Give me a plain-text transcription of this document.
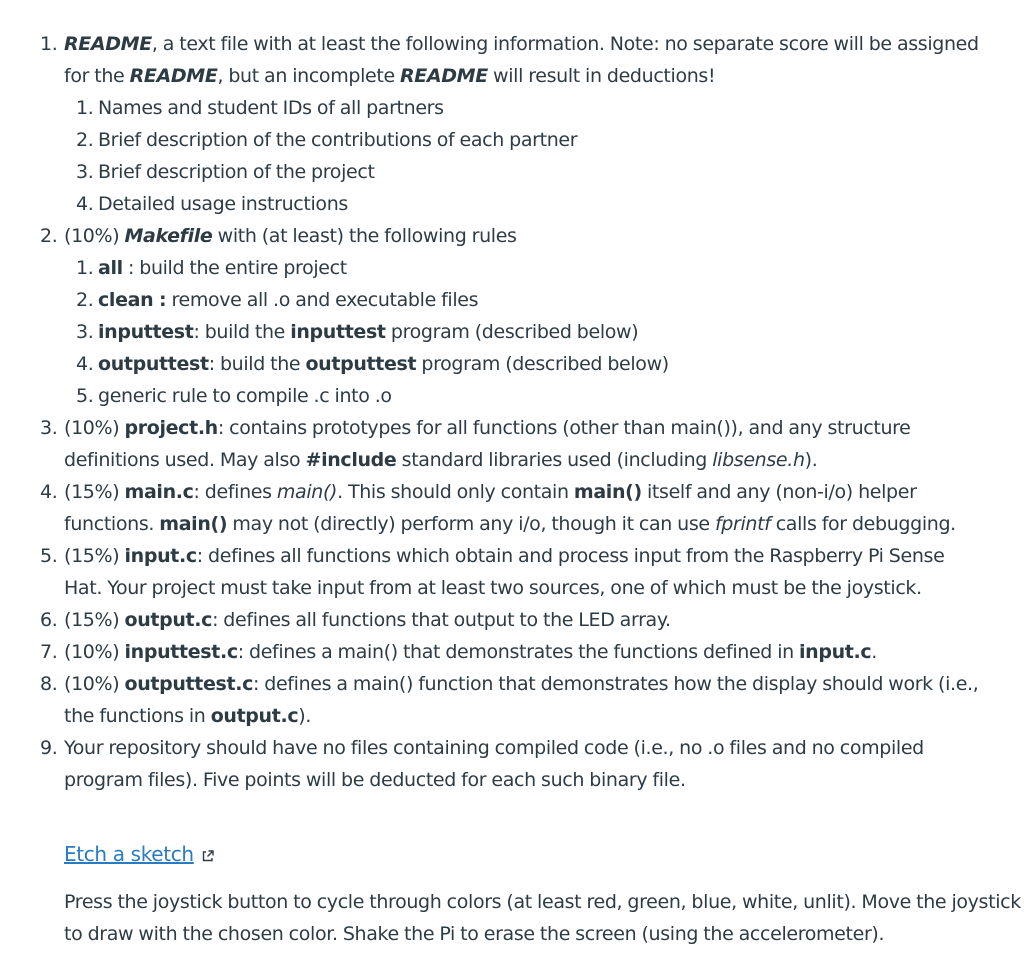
1. README, a text file with at least the following information. Note: no separate score will be assigned
for the README, but an incomplete README will result in deductions!
1. Names and student IDs of all partners
2. Brief description of the contributions of each partner
3. Brief description of the project
4. Detailed usage instructions
2. (10%) Makefile with (at least) the following rules
1. all : build the entire project
2. clean : remove all .o and executable files
3. inputtest: build the inputtest program (described below)
4. outputtest: build the outputtest program (described below)
5. generic rule to compile .c into .o
3. (10%) project.h: contains prototypes for all functions (other than main()), and any structure
definitions used. May also #include standard libraries used (including libsense.h).
4. (15%) main.c: defines main(). This should only contain main() itself and any (non-i/o) helper
functions. main() may not (directly) perform any i/o, though it can use fprintf calls for debugging.
5. (15%) input.c: defines all functions which obtain and process input from the Raspberry Pi Sense
Hat. Your project must take input from at least two sources, one of which must be the joystick.
6. (15%) output.c: defines all functions that output to the LED array.
7. (10%) inputtest.c: defines a main() that demonstrates the functions defined in input.c.
8. (10%) outputtest.c: defines a main() function that demonstrates how the display should work (i.e.,
the functions in output.c).
9. Your repository should have no files containing compiled code (i.e., no .o files and no compiled
program files). Five points will be deducted for each such binary file.
Etch a sketch
Press the joystick button to cycle through colors (at least red, green, blue, white, unlit). Move the joystick
to draw with the chosen color. Shake the Pi to erase the screen (using the accelerometer).
